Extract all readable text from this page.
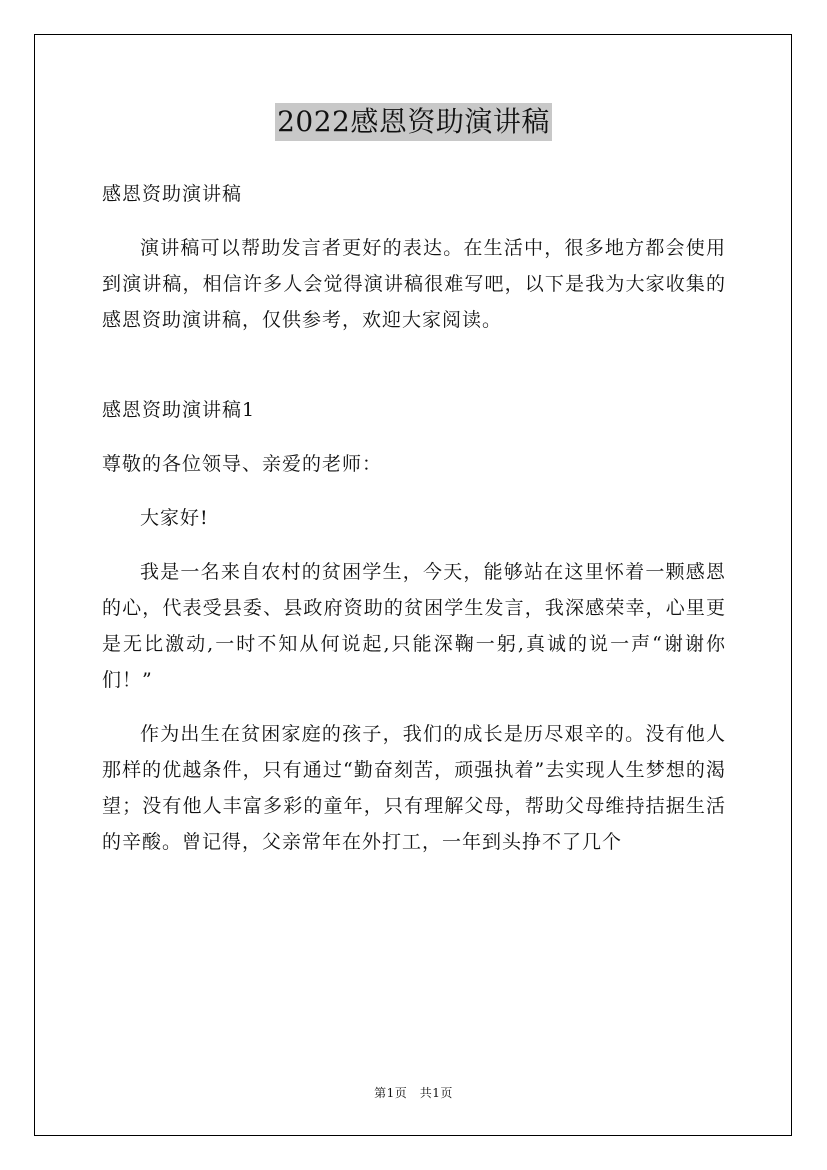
2022感恩资助演讲稿

感恩资助演讲稿

演讲稿可以帮助发言者更好的表达。在生活中，很多地方都会使用到演讲稿，相信许多人会觉得演讲稿很难写吧，以下是我为大家收集的感恩资助演讲稿，仅供参考，欢迎大家阅读。

感恩资助演讲稿1

尊敬的各位领导、亲爱的老师：

大家好!

我是一名来自农村的贫困学生，今天，能够站在这里怀着一颗感恩的心，代表受县委、县政府资助的贫困学生发言，我深感荣幸，心里更是无比激动,一时不知从何说起,只能深鞠一躬,真诚的说一声“谢谢你们！”

作为出生在贫困家庭的孩子，我们的成长是历尽艰辛的。没有他人那样的优越条件，只有通过“勤奋刻苦，顽强执着”去实现人生梦想的渴望；没有他人丰富多彩的童年，只有理解父母，帮助父母维持拮据生活的辛酸。曾记得，父亲常年在外打工，一年到头挣不了几个

第1页　共1页
